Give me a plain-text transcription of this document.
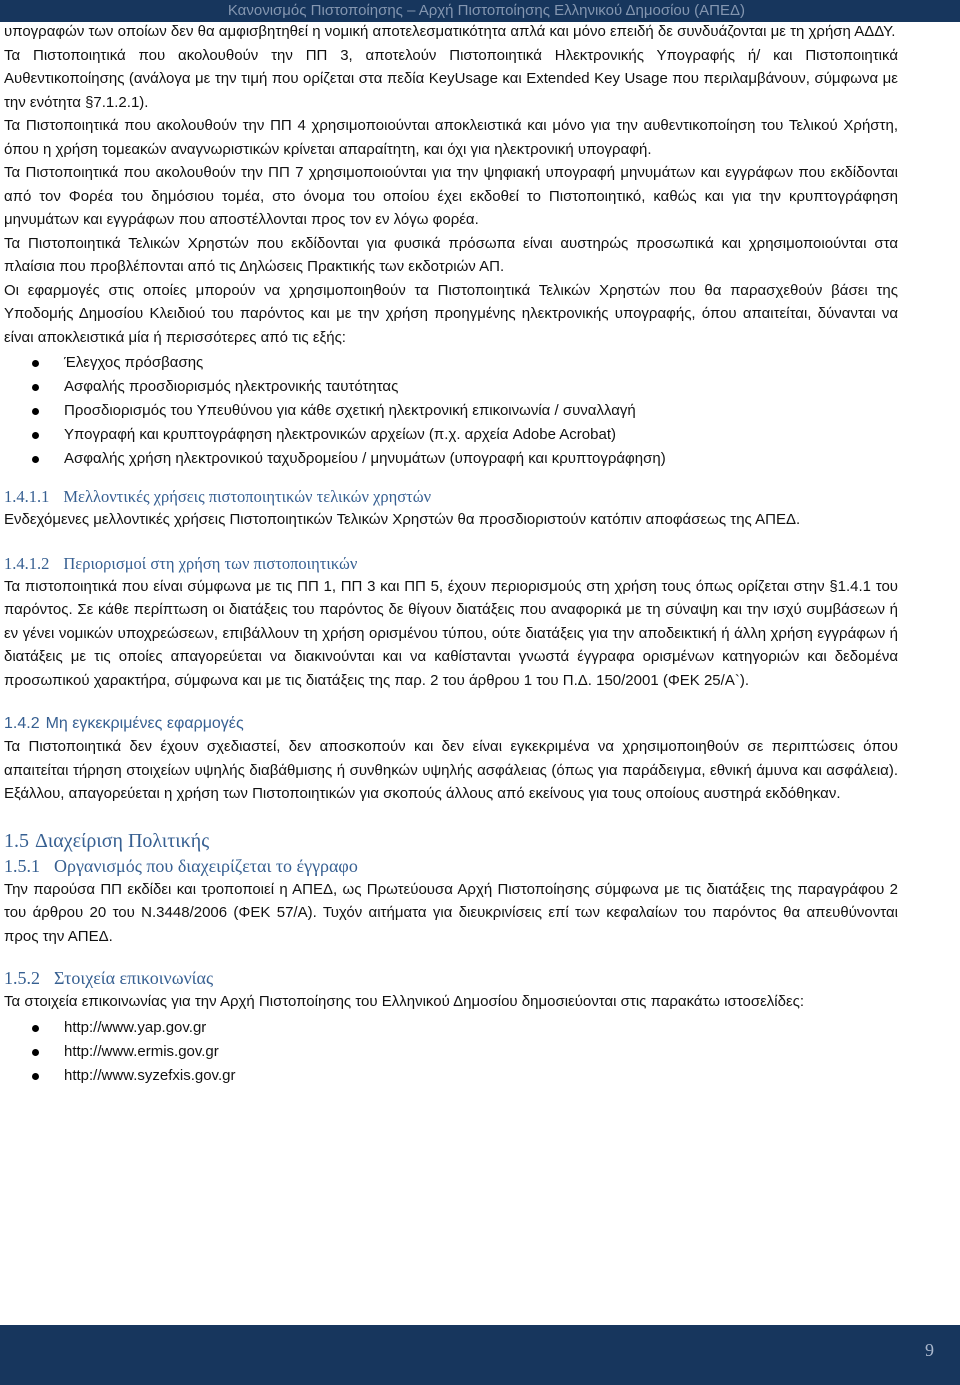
Κανονισμός Πιστοποίησης – Αρχή Πιστοποίησης Ελληνικού Δημοσίου (ΑΠΕΔ)

υπογραφών των οποίων δεν θα αμφισβητηθεί η νομική αποτελεσματικότητα απλά και μόνο επειδή δε συνδυάζονται με τη χρήση ΑΔΔΥ.

Τα Πιστοποιητικά που ακολουθούν την ΠΠ 3, αποτελούν Πιστοποιητικά Ηλεκτρονικής Υπογραφής ή/ και Πιστοποιητικά Αυθεντικοποίησης (ανάλογα με την τιμή που ορίζεται στα πεδία KeyUsage και Extended Key Usage που περιλαμβάνουν, σύμφωνα με την ενότητα §7.1.2.1).

Τα Πιστοποιητικά που ακολουθούν την ΠΠ 4 χρησιμοποιούνται αποκλειστικά και μόνο για την αυθεντικοποίηση του Τελικού Χρήστη, όπου η χρήση τομεακών αναγνωριστικών κρίνεται απαραίτητη, και όχι για ηλεκτρονική υπογραφή.

Τα Πιστοποιητικά που ακολουθούν την ΠΠ 7 χρησιμοποιούνται για την ψηφιακή υπογραφή μηνυμάτων και εγγράφων που εκδίδονται από τον Φορέα του δημόσιου τομέα, στο όνομα του οποίου έχει εκδοθεί το Πιστοποιητικό, καθώς και για την κρυπτογράφηση μηνυμάτων και εγγράφων που αποστέλλονται προς τον εν λόγω φορέα.

Τα Πιστοποιητικά Τελικών Χρηστών που εκδίδονται για φυσικά πρόσωπα είναι αυστηρώς προσωπικά και χρησιμοποιούνται στα πλαίσια που προβλέπονται από τις Δηλώσεις Πρακτικής των εκδοτριών ΑΠ.

Οι εφαρμογές στις οποίες μπορούν να χρησιμοποιηθούν τα Πιστοποιητικά Τελικών Χρηστών που θα παρασχεθούν βάσει της Υποδομής Δημοσίου Κλειδιού του παρόντος και με την χρήση προηγμένης ηλεκτρονικής υπογραφής, όπου απαιτείται, δύνανται να είναι αποκλειστικά μία ή περισσότερες από τις εξής:

Έλεγχος πρόσβασης
Ασφαλής προσδιορισμός ηλεκτρονικής ταυτότητας
Προσδιορισμός του Υπευθύνου για κάθε σχετική ηλεκτρονική επικοινωνία / συναλλαγή
Υπογραφή και κρυπτογράφηση ηλεκτρονικών αρχείων (π.χ. αρχεία Adobe Acrobat)
Ασφαλής χρήση ηλεκτρονικού ταχυδρομείου / μηνυμάτων (υπογραφή και κρυπτογράφηση)
1.4.1.1 Μελλοντικές χρήσεις πιστοποιητικών τελικών χρηστών

Ενδεχόμενες μελλοντικές χρήσεις Πιστοποιητικών Τελικών Χρηστών θα προσδιοριστούν κατόπιν αποφάσεως της ΑΠΕΔ.

1.4.1.2 Περιορισμοί στη χρήση των πιστοποιητικών

Τα πιστοποιητικά που είναι σύμφωνα με τις ΠΠ 1, ΠΠ 3 και ΠΠ 5, έχουν περιορισμούς στη χρήση τους όπως ορίζεται στην §1.4.1 του παρόντος. Σε κάθε περίπτωση οι διατάξεις του παρόντος δε θίγουν διατάξεις που αναφορικά με τη σύναψη και την ισχύ συμβάσεων ή εν γένει νομικών υποχρεώσεων, επιβάλλουν τη χρήση ορισμένου τύπου, ούτε διατάξεις για την αποδεικτική ή άλλη χρήση εγγράφων ή διατάξεις με τις οποίες απαγορεύεται να διακινούνται και να καθίστανται γνωστά έγγραφα ορισμένων κατηγοριών και δεδομένα προσωπικού χαρακτήρα, σύμφωνα και με τις διατάξεις της παρ. 2 του άρθρου 1 του Π.Δ. 150/2001 (ΦΕΚ 25/Α`).

1.4.2 Μη εγκεκριμένες εφαρμογές

Τα Πιστοποιητικά δεν έχουν σχεδιαστεί, δεν αποσκοπούν και δεν είναι εγκεκριμένα να χρησιμοποιηθούν σε περιπτώσεις όπου απαιτείται τήρηση στοιχείων υψηλής διαβάθμισης ή συνθηκών υψηλής ασφάλειας (όπως για παράδειγμα, εθνική άμυνα και ασφάλεια). Εξάλλου, απαγορεύεται η χρήση των Πιστοποιητικών για σκοπούς άλλους από εκείνους για τους οποίους αυστηρά εκδόθηκαν.

1.5 Διαχείριση Πολιτικής
1.5.1 Οργανισμός που διαχειρίζεται το έγγραφο

Την παρούσα ΠΠ εκδίδει και τροποποιεί η ΑΠΕΔ, ως Πρωτεύουσα Αρχή Πιστοποίησης σύμφωνα με τις διατάξεις της παραγράφου 2 του άρθρου 20 του Ν.3448/2006 (ΦΕΚ 57/Α). Τυχόν αιτήματα για διευκρινίσεις επί των κεφαλαίων του παρόντος θα απευθύνονται προς την ΑΠΕΔ.

1.5.2 Στοιχεία επικοινωνίας

Τα στοιχεία επικοινωνίας για την Αρχή Πιστοποίησης του Ελληνικού Δημοσίου δημοσιεύονται στις παρακάτω ιστοσελίδες:

http://www.yap.gov.gr
http://www.ermis.gov.gr
http://www.syzefxis.gov.gr
9
